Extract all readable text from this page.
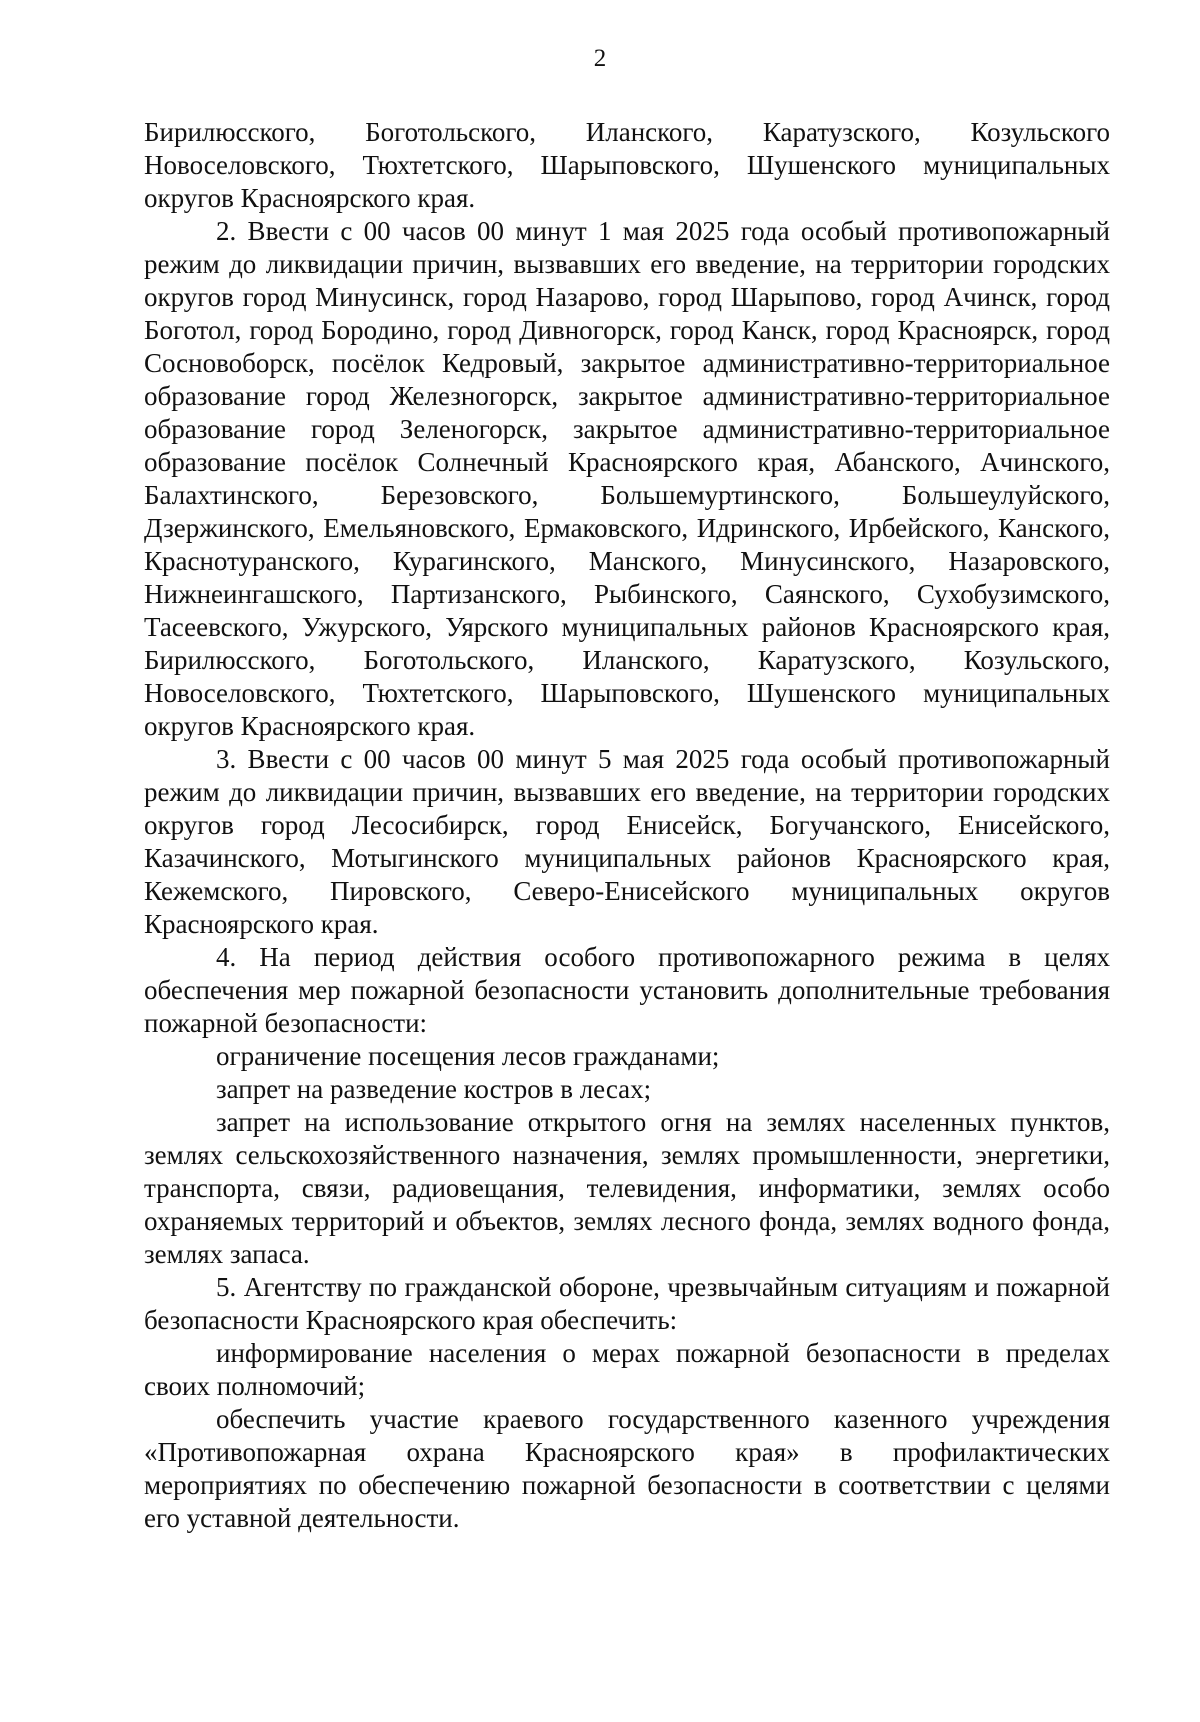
2

Бирилюсского, Боготольского, Иланского, Каратузского, Козульского Новоселовского, Тюхтетского, Шарыповского, Шушенского муниципальных округов Красноярского края.

2. Ввести с 00 часов 00 минут 1 мая 2025 года особый противопожарный режим до ликвидации причин, вызвавших его введение, на территории городских округов город Минусинск, город Назарово, город Шарыпово, город Ачинск, город Боготол, город Бородино, город Дивногорск, город Канск, город Красноярск, город Сосновоборск, посёлок Кедровый, закрытое административно-территориальное образование город Железногорск, закрытое административно-территориальное образование город Зеленогорск, закрытое административно-территориальное образование посёлок Солнечный Красноярского края, Абанского, Ачинского, Балахтинского, Березовского, Большемуртинского, Большеулуйского, Дзержинского, Емельяновского, Ермаковского, Идринского, Ирбейского, Канского, Краснотуранского, Курагинского, Манского, Минусинского, Назаровского, Нижнеингашского, Партизанского, Рыбинского, Саянского, Сухобузимского, Тасеевского, Ужурского, Уярского муниципальных районов Красноярского края, Бирилюсского, Боготольского, Иланского, Каратузского, Козульского, Новоселовского, Тюхтетского, Шарыповского, Шушенского муниципальных округов Красноярского края.

3. Ввести с 00 часов 00 минут 5 мая 2025 года особый противопожарный режим до ликвидации причин, вызвавших его введение, на территории городских округов город Лесосибирск, город Енисейск, Богучанского, Енисейского, Казачинского, Мотыгинского муниципальных районов Красноярского края, Кежемского, Пировского, Северо-Енисейского муниципальных округов Красноярского края.

4. На период действия особого противопожарного режима в целях обеспечения мер пожарной безопасности установить дополнительные требования пожарной безопасности:

ограничение посещения лесов гражданами;

запрет на разведение костров в лесах;

запрет на использование открытого огня на землях населенных пунктов, землях сельскохозяйственного назначения, землях промышленности, энергетики, транспорта, связи, радиовещания, телевидения, информатики, землях особо охраняемых территорий и объектов, землях лесного фонда, землях водного фонда, землях запаса.

5. Агентству по гражданской обороне, чрезвычайным ситуациям и пожарной безопасности Красноярского края обеспечить:

информирование населения о мерах пожарной безопасности в пределах своих полномочий;

обеспечить участие краевого государственного казенного учреждения «Противопожарная охрана Красноярского края» в профилактических мероприятиях по обеспечению пожарной безопасности в соответствии с целями его уставной деятельности.
